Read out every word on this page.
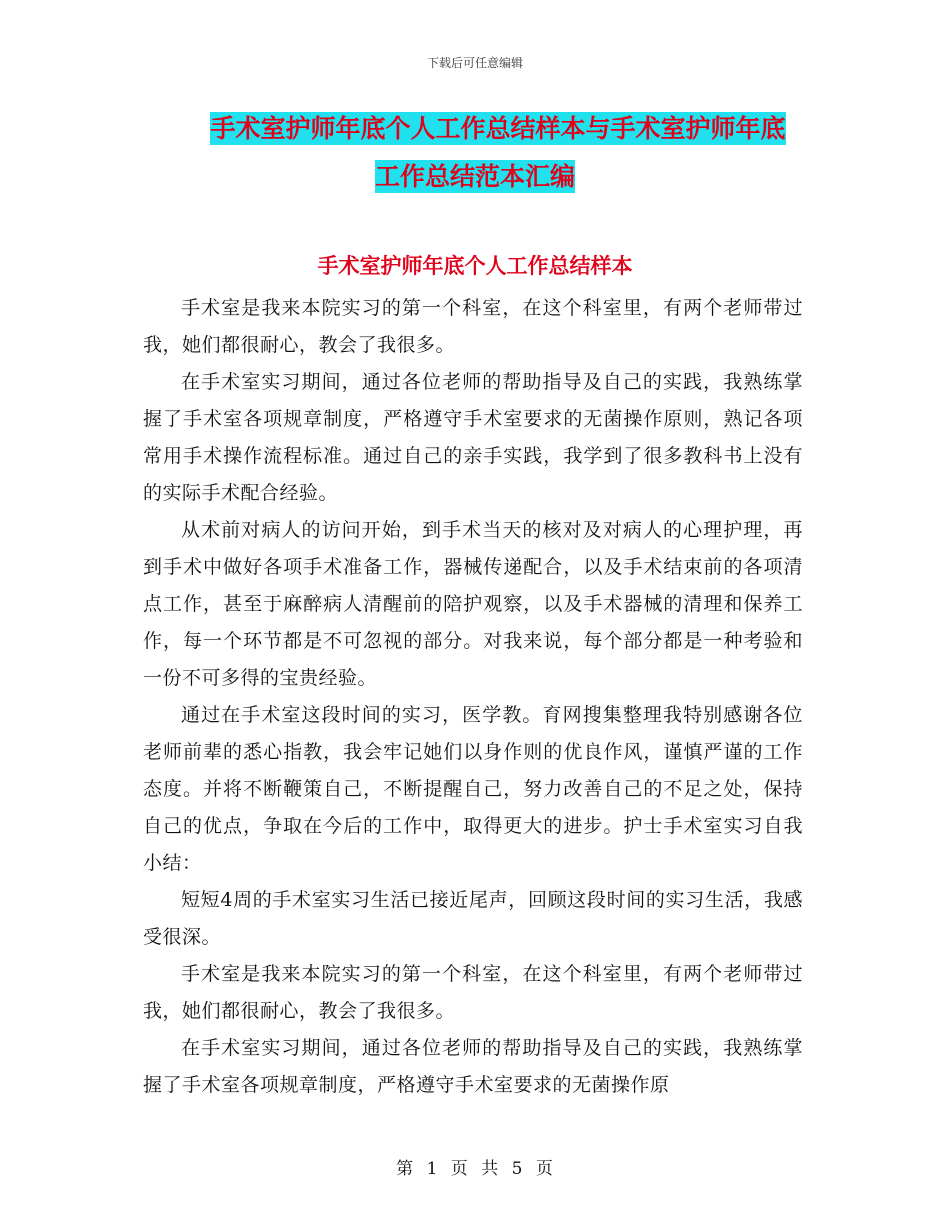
下载后可任意编辑
手术室护师年底个人工作总结样本与手术室护师年底
工作总结范本汇编
手术室护师年底个人工作总结样本

手术室是我来本院实习的第一个科室，在这个科室里，有两个老师带过我，她们都很耐心，教会了我很多。

在手术室实习期间，通过各位老师的帮助指导及自己的实践，我熟练掌握了手术室各项规章制度，严格遵守手术室要求的无菌操作原则，熟记各项常用手术操作流程标准。通过自己的亲手实践，我学到了很多教科书上没有的实际手术配合经验。

从术前对病人的访问开始，到手术当天的核对及对病人的心理护理，再到手术中做好各项手术准备工作，器械传递配合，以及手术结束前的各项清点工作，甚至于麻醉病人清醒前的陪护观察，以及手术器械的清理和保养工作，每一个环节都是不可忽视的部分。对我来说，每个部分都是一种考验和一份不可多得的宝贵经验。

通过在手术室这段时间的实习，医学教。育网搜集整理我特别感谢各位老师前辈的悉心指教，我会牢记她们以身作则的优良作风，谨慎严谨的工作态度。并将不断鞭策自己，不断提醒自己，努力改善自己的不足之处，保持自己的优点，争取在今后的工作中，取得更大的进步。护士手术室实习自我小结：

短短4周的手术室实习生活已接近尾声，回顾这段时间的实习生活，我感受很深。

手术室是我来本院实习的第一个科室，在这个科室里，有两个老师带过我，她们都很耐心，教会了我很多。

在手术室实习期间，通过各位老师的帮助指导及自己的实践，我熟练掌握了手术室各项规章制度，严格遵守手术室要求的无菌操作原

第 1 页 共 5 页
